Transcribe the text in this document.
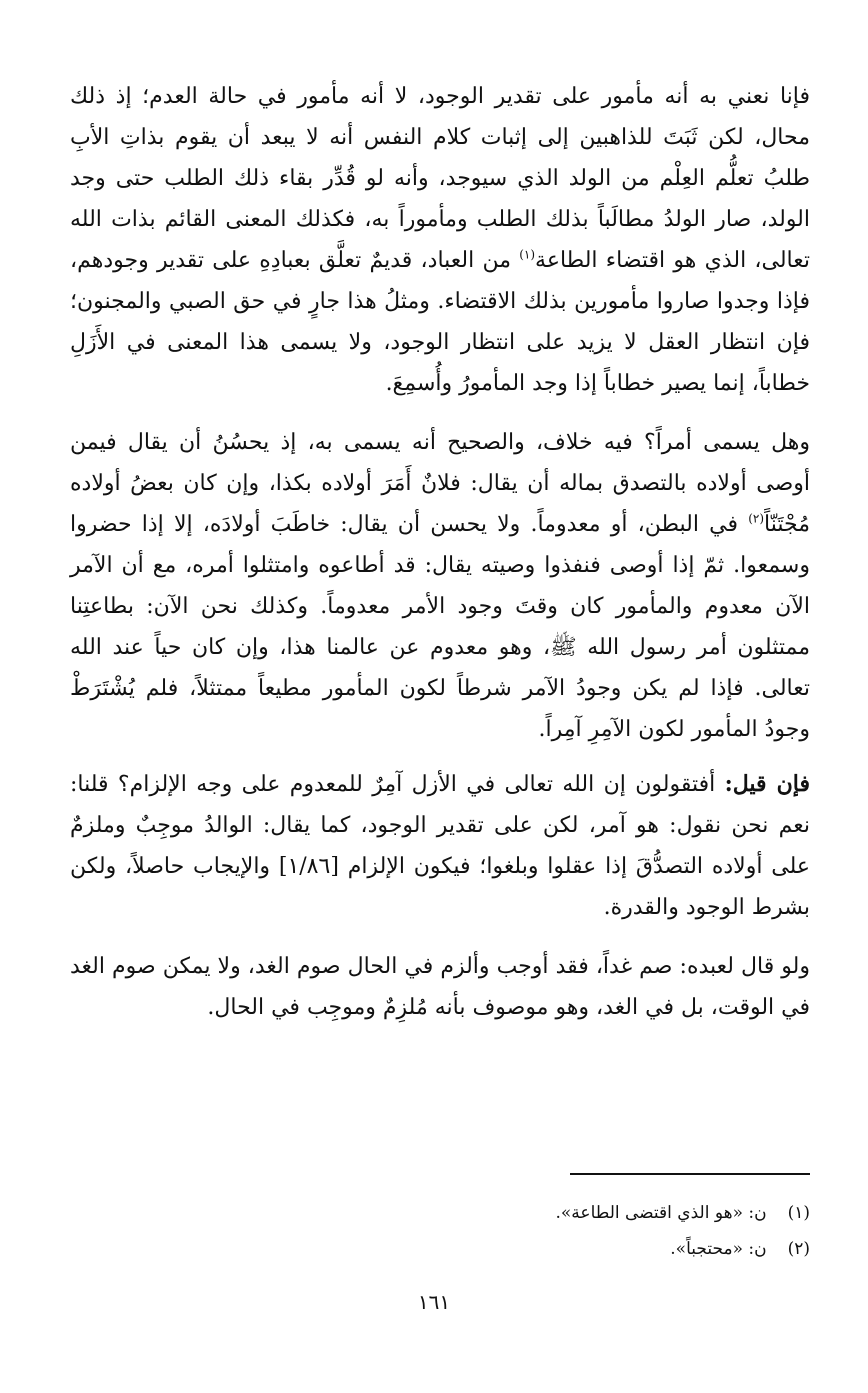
فإنا نعني به أنه مأمور على تقدير الوجود، لا أنه مأمور في حالة العدم؛ إذ ذلك محال، لكن ثَبَتَ للذاهبين إلى إثبات كلام النفس أنه لا يبعد أن يقوم بذاتِ الأبِ طلبُ تعلُّم العِلْم من الولد الذي سيوجد، وأنه لو قُدِّر بقاء ذلك الطلب حتى وجد الولد، صار الولدُ مطالَباً بذلك الطلب ومأموراً به، فكذلك المعنى القائم بذات الله تعالى، الذي هو اقتضاء الطاعة$^{(١)}$ من العباد، قديمٌ تعلَّق بعبادِهِ على تقدير وجودهم، فإذا وجدوا صاروا مأمورين بذلك الاقتضاء. ومثلُ هذا جارٍ في حق الصبي والمجنون؛ فإن انتظار العقل لا يزيد على انتظار الوجود، ولا يسمى هذا المعنى في الأَزَلِ خطاباً، إنما يصير خطاباً إذا وجد المأمورُ وأُسمِعَ.

وهل يسمى أمراً؟ فيه خلاف، والصحيح أنه يسمى به، إذ يحسُنُ أن يقال فيمن أوصى أولاده بالتصدق بماله أن يقال: فلانٌ أَمَرَ أولاده بكذا، وإن كان بعضُ أولاده مُجْتَنّاً$^{(٢)}$ في البطن، أو معدوماً. ولا يحسن أن يقال: خاطَبَ أولادَه، إلا إذا حضروا وسمعوا. ثمّ إذا أوصى فنفذوا وصيته يقال: قد أطاعوه وامتثلوا أمره، مع أن الآمر الآن معدوم والمأمور كان وقتَ وجود الأمر معدوماً. وكذلك نحن الآن: بطاعتِنا ممتثلون أمر رسول الله ﷺ، وهو معدوم عن عالمنا هذا، وإن كان حياً عند الله تعالى. فإذا لم يكن وجودُ الآمر شرطاً لكون المأمور مطيعاً ممتثلاً، فلم يُشْتَرَطْ وجودُ المأمور لكون الآمِرِ آمِراً.

فإن قيل: أفتقولون إن الله تعالى في الأزل آمِرٌ للمعدوم على وجه الإلزام؟ قلنا: نعم نحن نقول: هو آمر، لكن على تقدير الوجود، كما يقال: الوالدُ موجِبٌ وملزمٌ على أولاده التصدُّقَ إذا عقلوا وبلغوا؛ فيكون الإلزام [١/٨٦] والإيجاب حاصلاً، ولكن بشرط الوجود والقدرة.

ولو قال لعبده: صم غداً، فقد أوجب وألزم في الحال صوم الغد، ولا يمكن صوم الغد في الوقت، بل في الغد، وهو موصوف بأنه مُلزِمٌ وموجِب في الحال.

(١) ن: «هو الذي اقتضى الطاعة».
(٢) ن: «محتجباً».
١٦١
